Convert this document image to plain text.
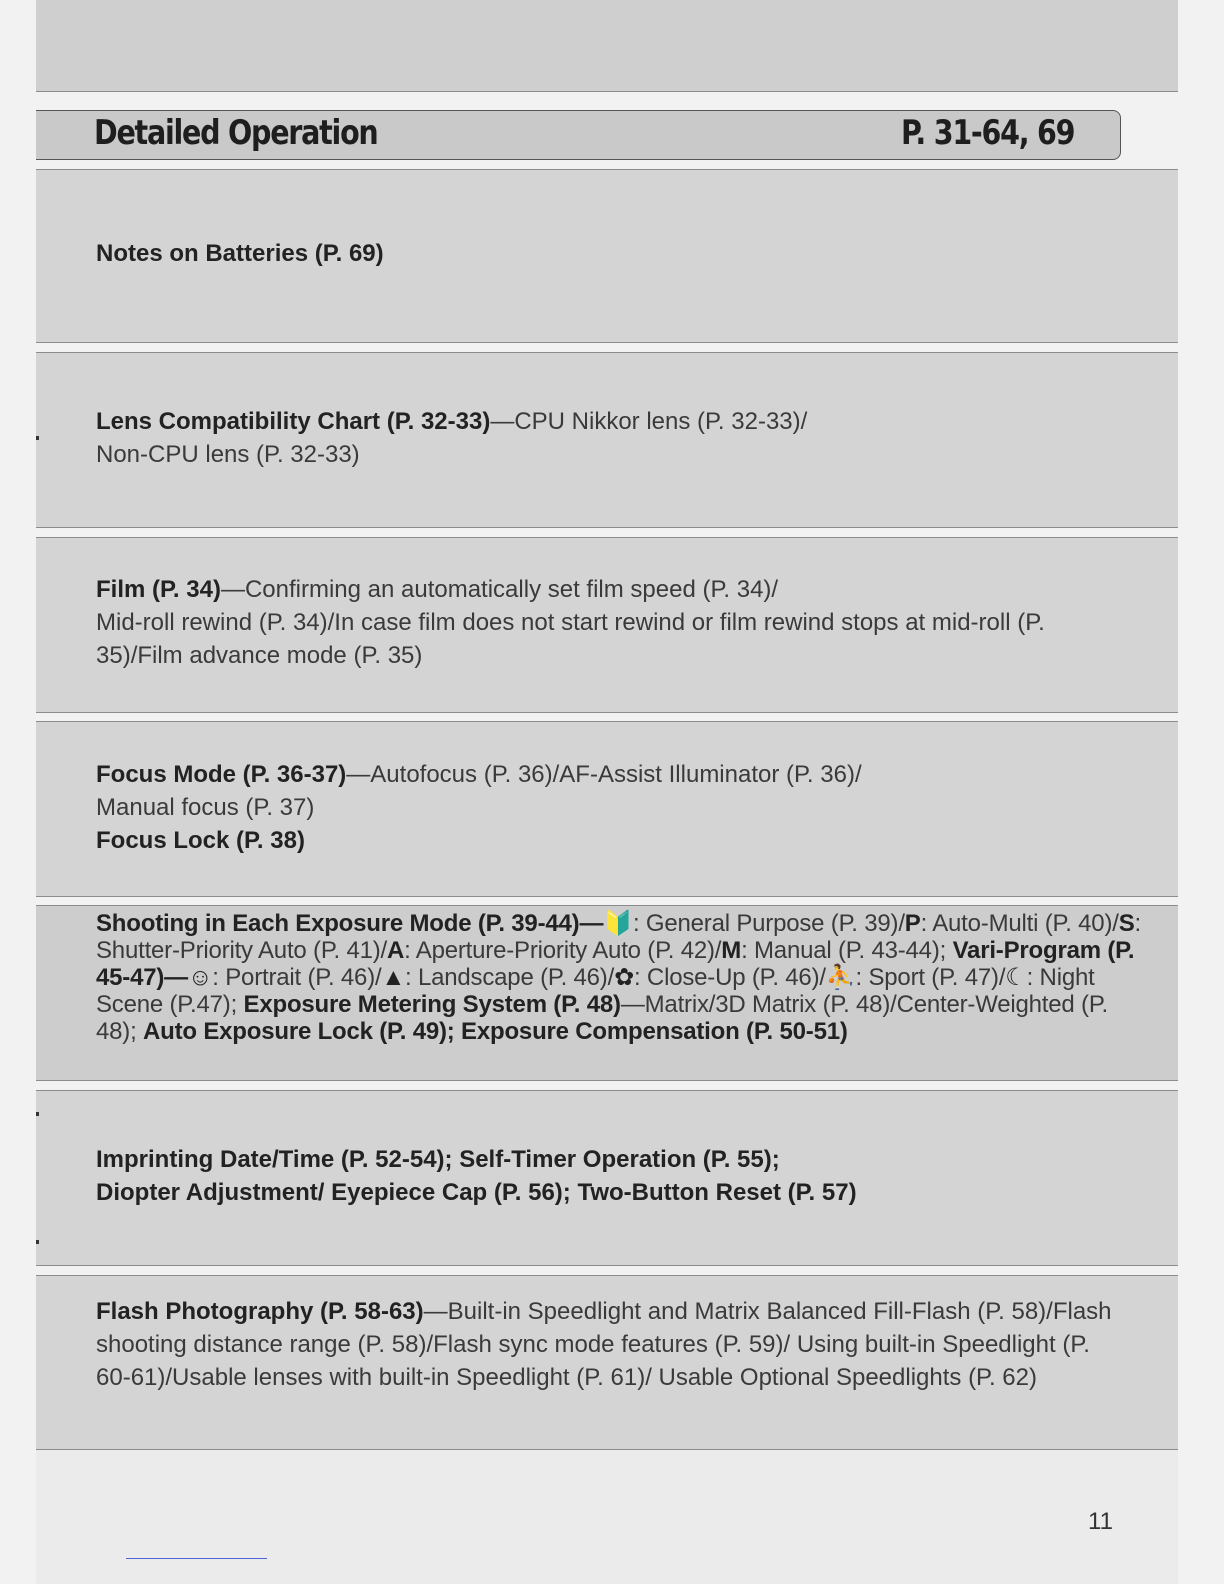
Detailed Operation	P. 31-64, 69
Notes on Batteries (P. 69)
Lens Compatibility Chart (P. 32-33)—CPU Nikkor lens (P. 32-33)/
Non-CPU lens (P. 32-33)
Film (P. 34)—Confirming an automatically set film speed (P. 34)/
Mid-roll rewind (P. 34)/In case film does not start rewind or film rewind stops at mid-roll (P. 35)/Film advance mode (P. 35)
Focus Mode (P. 36-37)—Autofocus (P. 36)/AF-Assist Illuminator (P. 36)/
Manual focus (P. 37)
Focus Lock (P. 38)
Shooting in Each Exposure Mode (P. 39-44)—🔰: General Purpose (P. 39)/P: Auto-Multi (P. 40)/S: Shutter-Priority Auto (P. 41)/A: Aperture-Priority Auto (P. 42)/M: Manual (P. 43-44); Vari-Program (P. 45-47)—☺: Portrait (P. 46)/▲: Landscape (P. 46)/✿: Close-Up (P. 46)/⛹: Sport (P. 47)/☾: Night Scene (P.47); Exposure Metering System (P. 48)—Matrix/3D Matrix (P. 48)/Center-Weighted (P. 48); Auto Exposure Lock (P. 49); Exposure Compensation (P. 50-51)
Imprinting Date/Time (P. 52-54); Self-Timer Operation (P. 55);
Diopter Adjustment/ Eyepiece Cap (P. 56); Two-Button Reset (P. 57)
Flash Photography (P. 58-63)—Built-in Speedlight and Matrix Balanced Fill-Flash (P. 58)/Flash shooting distance range (P. 58)/Flash sync mode features (P. 59)/ Using built-in Speedlight (P. 60-61)/Usable lenses with built-in Speedlight (P. 61)/ Usable Optional Speedlights (P. 62)
11
